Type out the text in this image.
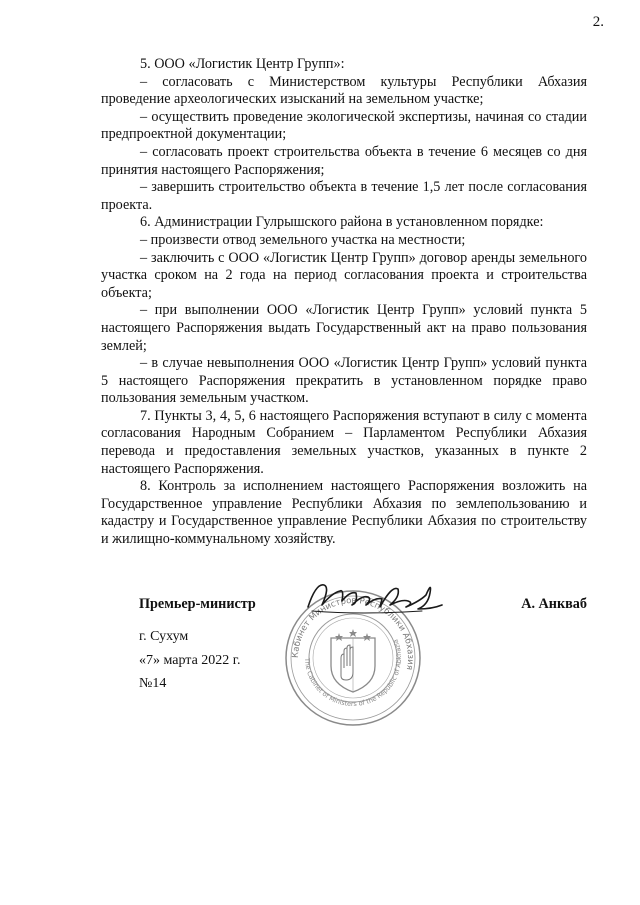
2.

5. ООО «Логистик Центр Групп»:

– согласовать с Министерством культуры Республики Абхазия проведение археологических изысканий на земельном участке;

– осуществить проведение экологической экспертизы, начиная со стадии предпроектной документации;

– согласовать проект строительства объекта в течение 6 месяцев со дня принятия настоящего Распоряжения;

– завершить строительство объекта в течение 1,5 лет после согласования проекта.

6. Администрации Гулрышского района в установленном порядке:

– произвести отвод земельного участка на местности;

– заключить с ООО «Логистик Центр Групп» договор аренды земельного участка сроком на 2 года на период согласования проекта и строительства объекта;

– при выполнении ООО «Логистик Центр Групп» условий пункта 5 настоящего Распоряжения выдать Государственный акт на право пользования землей;

– в случае невыполнения ООО «Логистик Центр Групп» условий пункта 5 настоящего Распоряжения прекратить в установленном порядке право пользования земельным участком.

7. Пункты 3, 4, 5, 6 настоящего Распоряжения вступают в силу с момента согласования Народным Собранием – Парламентом Республики Абхазия перевода и предоставления земельных участков, указанных в пункте 2 настоящего Распоряжения.

8. Контроль за исполнением настоящего Распоряжения возложить на Государственное управление Республики Абхазия по землепользованию и кадастру и Государственное управление Республики Абхазия по строительству и жилищно-коммунальному хозяйству.

Кабинет Министров Республики Абхазия
The Cabinet of Ministers of the Republic of Abkhazia
Премьер-министр	А. Анкваб
г. Сухум
«7» марта 2022 г.
№14
